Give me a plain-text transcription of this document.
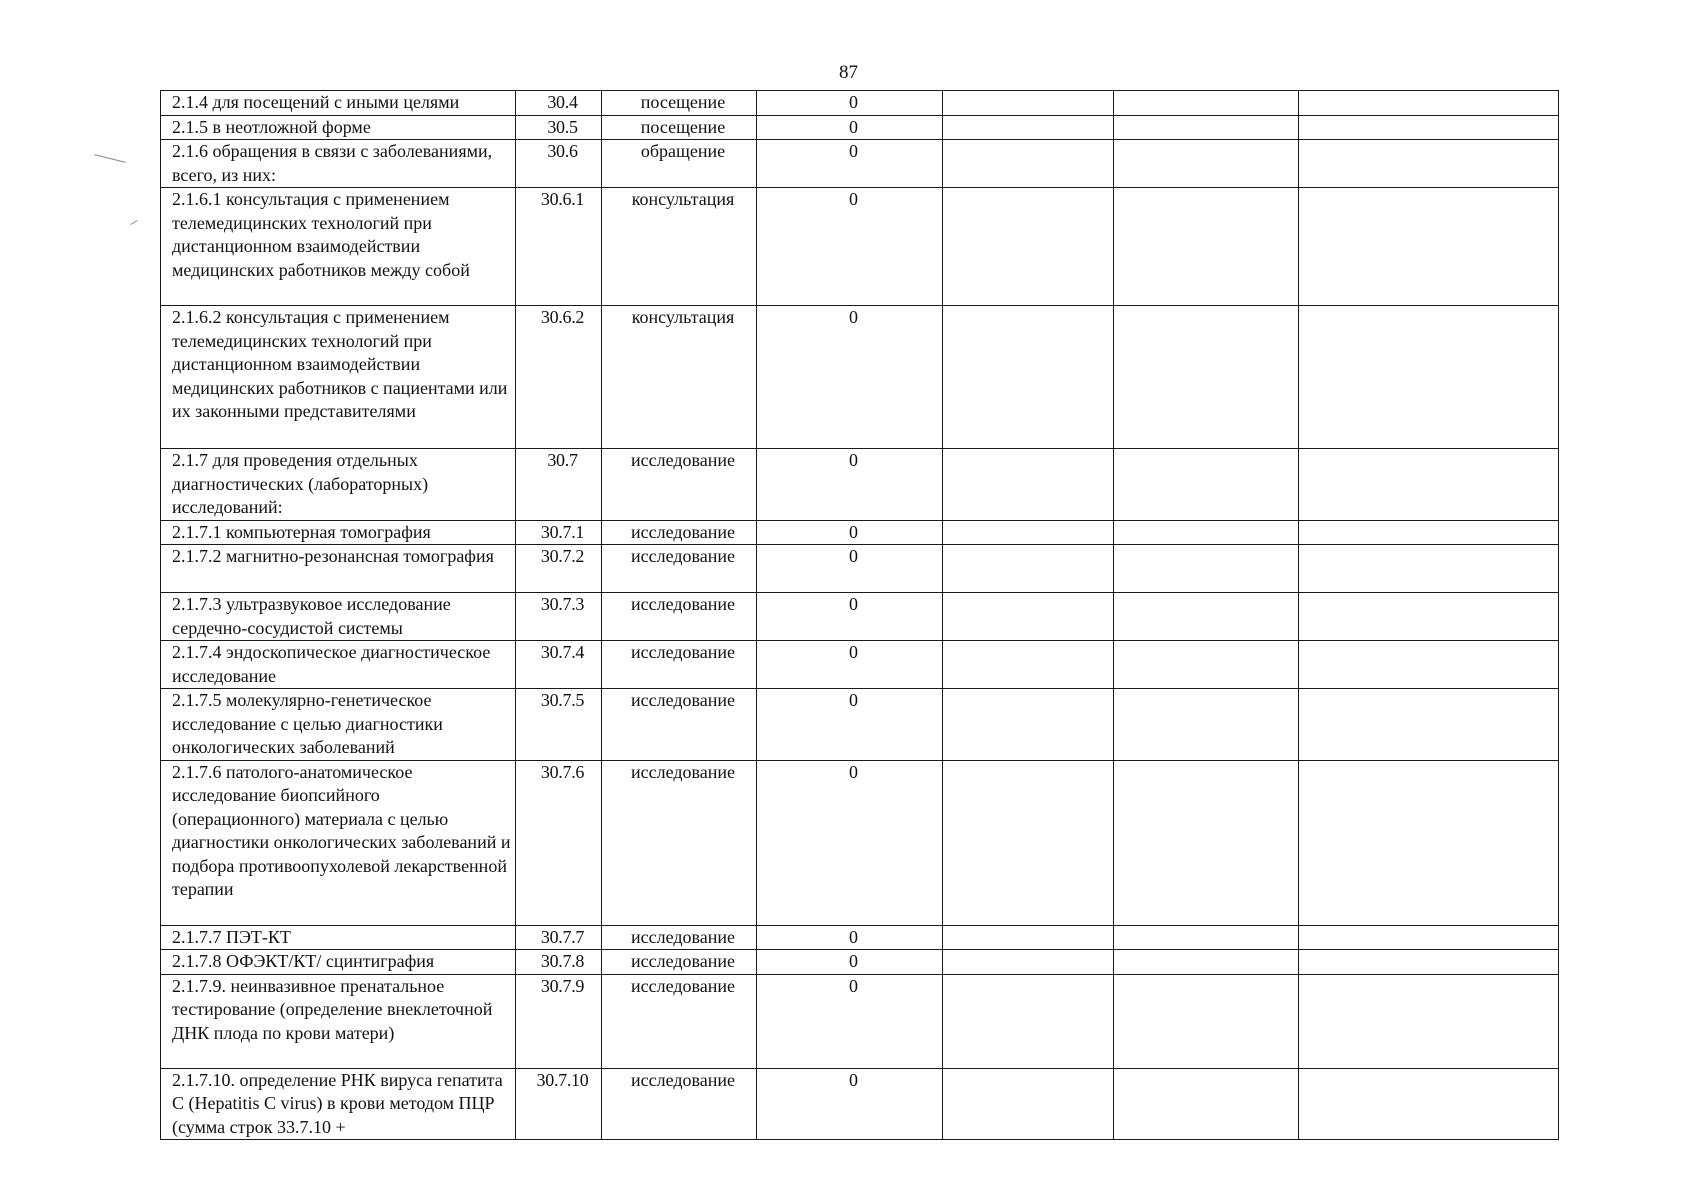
87
2.1.4 для посещений с иными целями	30.4	посещение	0			
2.1.5 в неотложной форме	30.5	посещение	0			
2.1.6 обращения в связи с заболеваниями, всего, из них:	30.6	обращение	0			
2.1.6.1 консультация с применением телемедицинских технологий при дистанционном взаимодействии медицинских работников между собой	30.6.1	консультация	0			
2.1.6.2 консультация с применением телемедицинских технологий при дистанционном взаимодействии медицинских работников с пациентами или их законными представителями	30.6.2	консультация	0			
2.1.7 для проведения отдельных диагностических (лабораторных) исследований:	30.7	исследование	0			
2.1.7.1 компьютерная томография	30.7.1	исследование	0			
2.1.7.2 магнитно-резонансная томография	30.7.2	исследование	0			
2.1.7.3 ультразвуковое исследование сердечно-сосудистой системы	30.7.3	исследование	0			
2.1.7.4 эндоскопическое диагностическое исследование	30.7.4	исследование	0			
2.1.7.5 молекулярно-генетическое исследование с целью диагностики онкологических заболеваний	30.7.5	исследование	0			
2.1.7.6 патолого-анатомическое исследование биопсийного (операционного) материала с целью диагностики онкологических заболеваний и подбора противоопухолевой лекарственной терапии	30.7.6	исследование	0			
2.1.7.7 ПЭТ-КТ	30.7.7	исследование	0			
2.1.7.8 ОФЭКТ/КТ/ сцинтиграфия	30.7.8	исследование	0			
2.1.7.9. неинвазивное пренатальное тестирование (определение внеклеточной ДНК плода по крови матери)	30.7.9	исследование	0			
2.1.7.10. определение РНК вируса гепатита С (Hepatitis C virus) в крови методом ПЦР (сумма строк 33.7.10 +	30.7.10	исследование	0			
